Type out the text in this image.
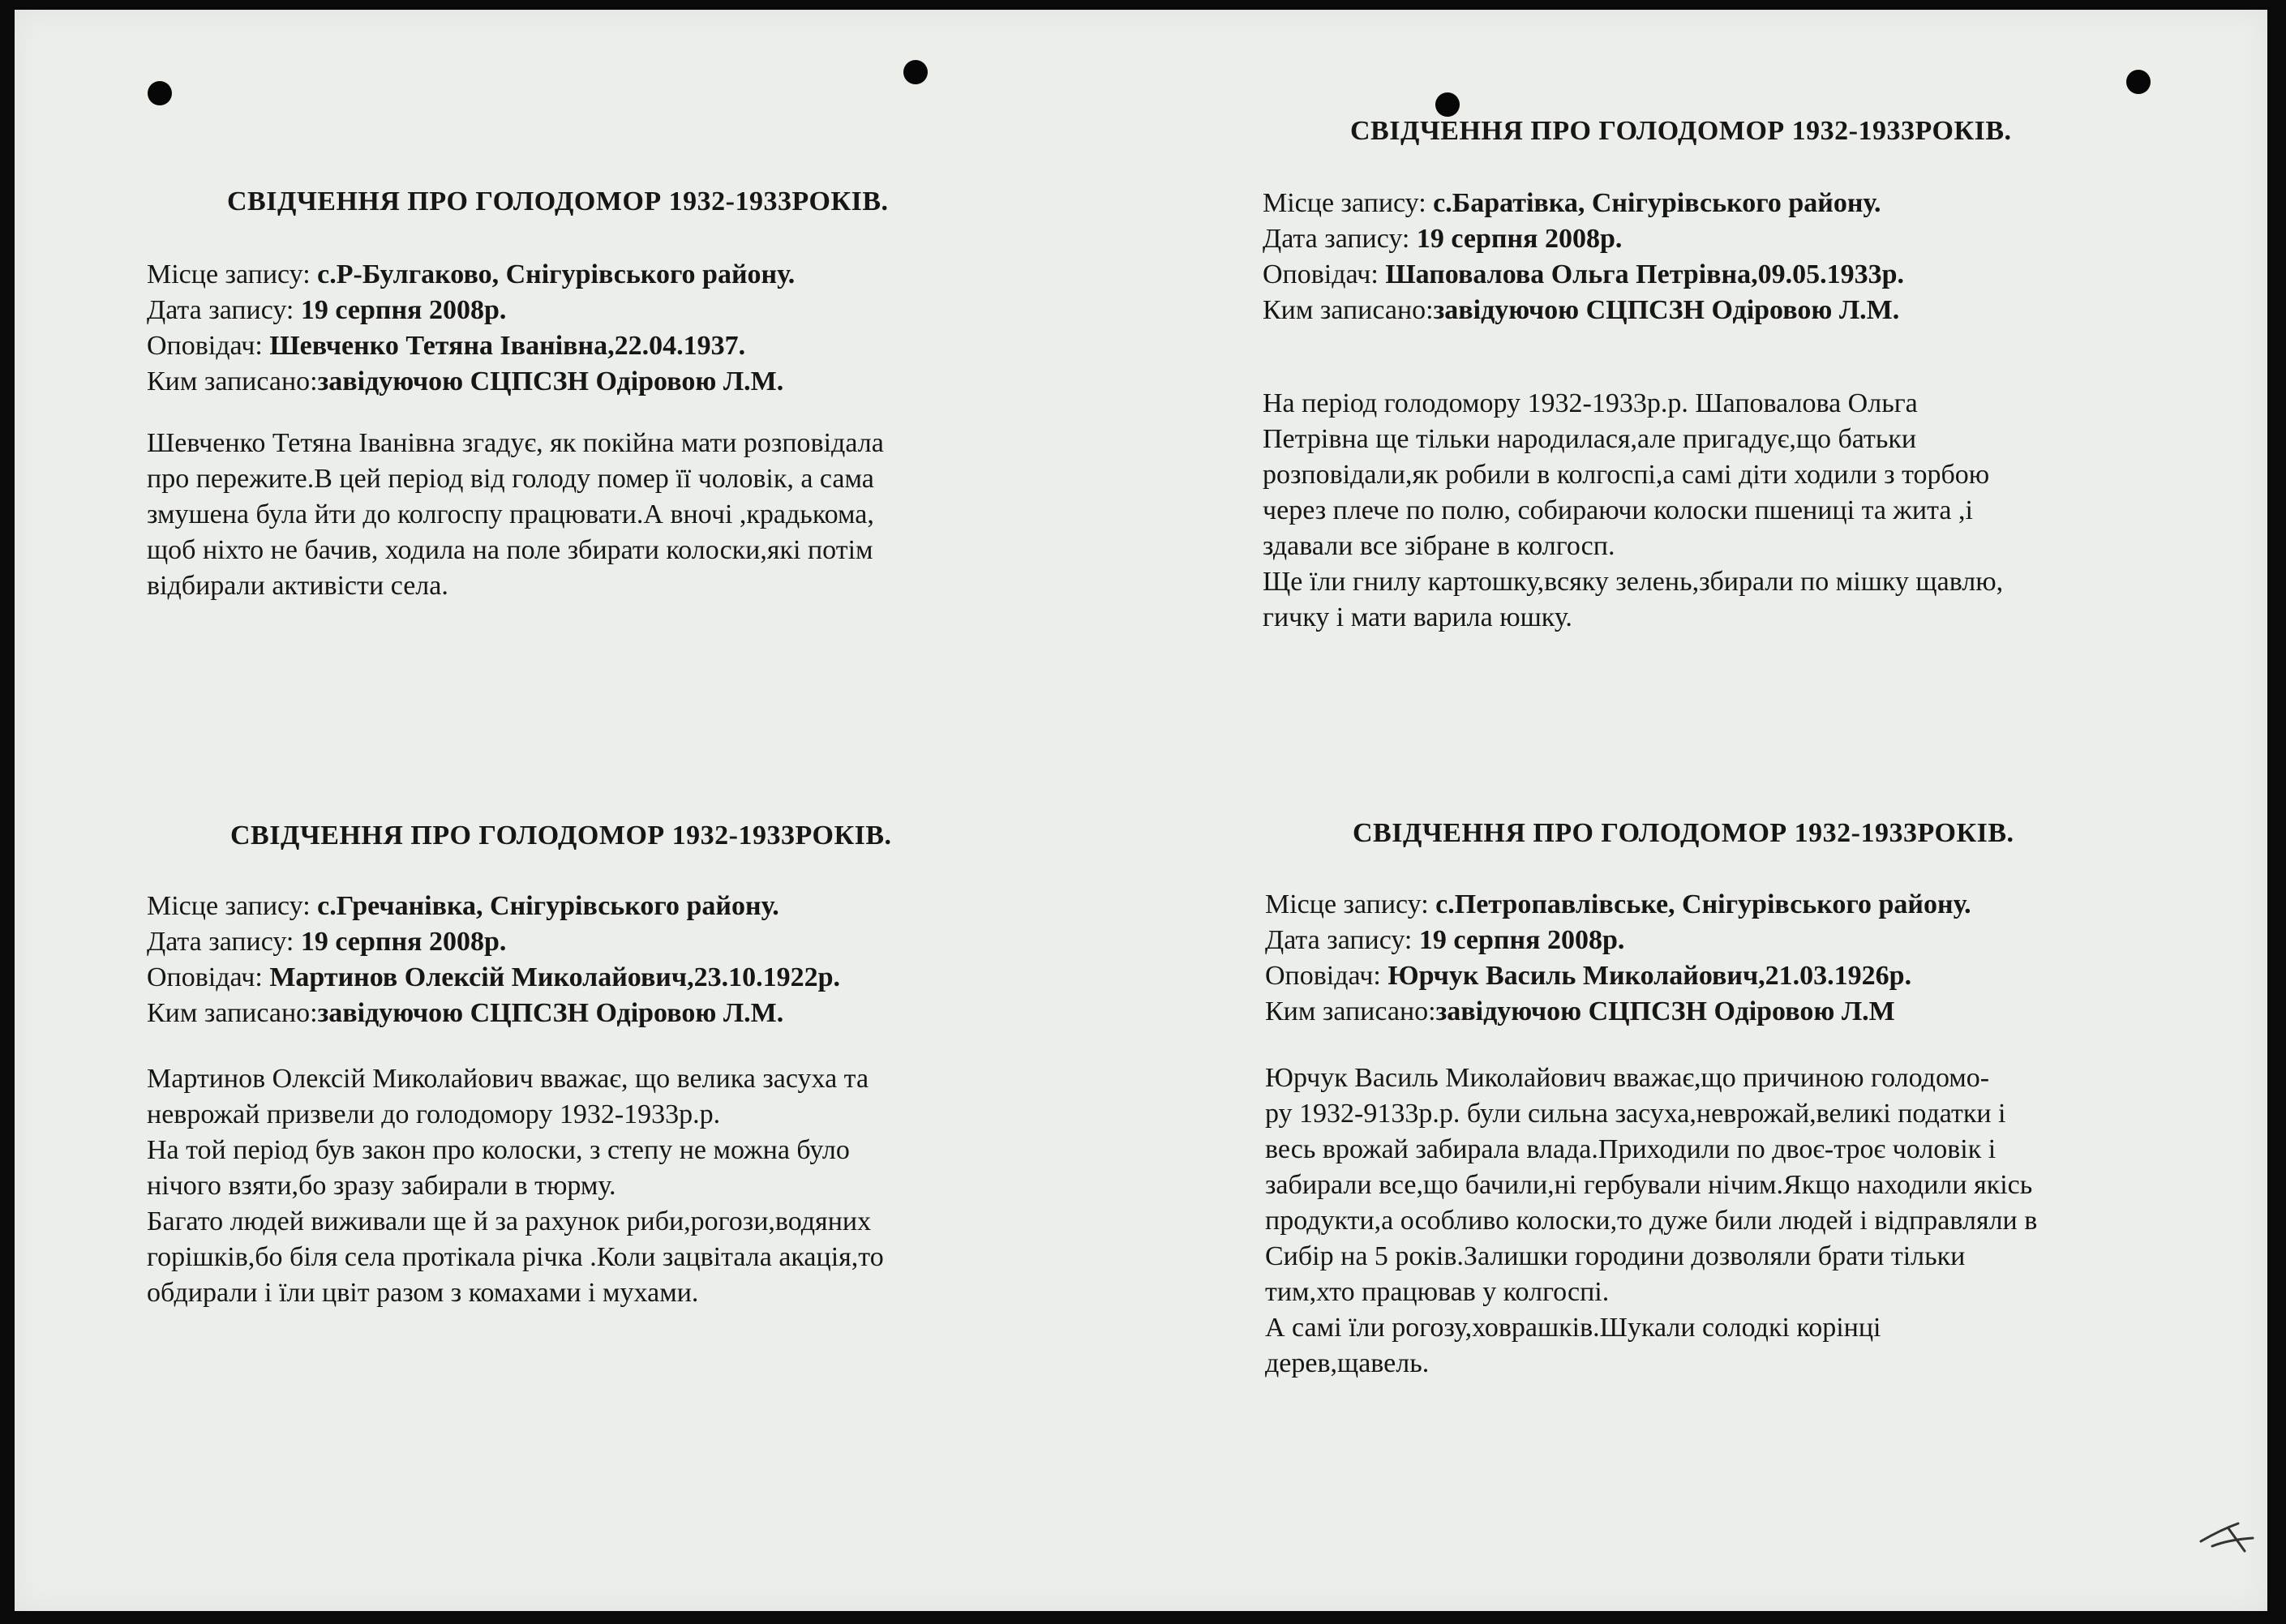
СВІДЧЕННЯ ПРО ГОЛОДОМОР 1932-1933РОКІВ.
Місце запису: с.Р-Булгаково, Снігурівського району.
Дата запису: 19 серпня 2008р.
Оповідач: Шевченко Тетяна Іванівна,22.04.1937.
Ким записано:завідуючою СЦПСЗН Одіровою Л.М.

Шевченко Тетяна Іванівна згадує, як покійна мати розповідала

про пережите.В цей період від голоду помер її чоловік, а сама

змушена була йти до колгоспу працювати.А вночі ,крадькома,

щоб ніхто не бачив, ходила на поле збирати колоски,які потім

відбирали активісти села.

СВІДЧЕННЯ ПРО ГОЛОДОМОР 1932-1933РОКІВ.
Місце запису: с.Баратівка, Снігурівського району.
Дата запису: 19 серпня 2008р.
Оповідач: Шаповалова Ольга Петрівна,09.05.1933р.
Ким записано:завідуючою СЦПСЗН Одіровою Л.М.

На період голодомору 1932-1933р.р. Шаповалова Ольга

Петрівна ще тільки народилася,але пригадує,що батьки

розповідали,як робили в колгоспі,а самі діти ходили з торбою

через плече по полю, собираючи колоски пшениці та жита ,і

здавали все зібране в колгосп.

Ще їли гнилу картошку,всяку зелень,збирали по мішку щавлю,

гичку і мати варила юшку.

СВІДЧЕННЯ ПРО ГОЛОДОМОР 1932-1933РОКІВ.
Місце запису: с.Гречанівка, Снігурівського району.
Дата запису: 19 серпня 2008р.
Оповідач: Мартинов Олексій Миколайович,23.10.1922р.
Ким записано:завідуючою СЦПСЗН Одіровою Л.М.

Мартинов Олексій Миколайович вважає, що велика засуха та

неврожай призвели до голодомору 1932-1933р.р.

На той період був закон про колоски, з степу не можна було

нічого взяти,бо зразу забирали в тюрму.

Багато людей виживали ще й за рахунок риби,рогози,водяних

горішків,бо біля села протікала річка .Коли зацвітала акація,то

обдирали і їли цвіт разом з комахами і мухами.

СВІДЧЕННЯ ПРО ГОЛОДОМОР 1932-1933РОКІВ.
Місце запису: с.Петропавлівське, Снігурівського району.
Дата запису: 19 серпня 2008р.
Оповідач: Юрчук Василь Миколайович,21.03.1926р.
Ким записано:завідуючою СЦПСЗН Одіровою Л.М

Юрчук Василь Миколайович вважає,що причиною голодомо-

ру 1932-9133р.р. були сильна засуха,неврожай,великі податки і

весь врожай забирала влада.Приходили по двоє-троє чоловік і

забирали все,що бачили,ні гербували нічим.Якщо находили якісь

продукти,а особливо колоски,то дуже били людей і відправляли в

Сибір на 5 років.Залишки городини дозволяли брати тільки

тим,хто працював у колгоспі.

А самі їли рогозу,ховрашків.Шукали солодкі корінці

дерев,щавель.
